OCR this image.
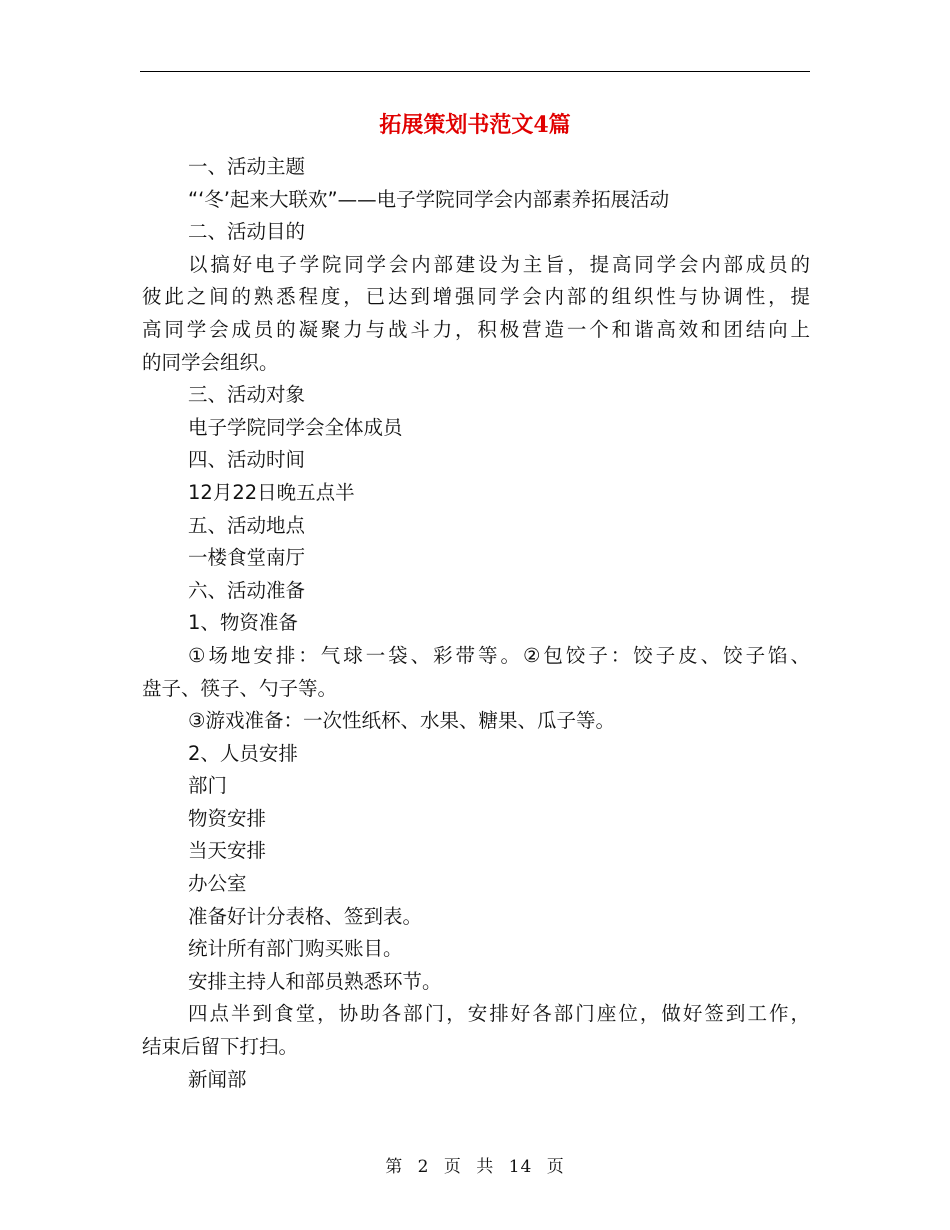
拓展策划书范文4篇
一、活动主题
“‘冬’起来大联欢”——电子学院同学会内部素养拓展活动
二、活动目的
以搞好电子学院同学会内部建设为主旨，提高同学会内部成员的
彼此之间的熟悉程度，已达到增强同学会内部的组织性与协调性，提
高同学会成员的凝聚力与战斗力，积极营造一个和谐高效和团结向上
的同学会组织。
三、活动对象
电子学院同学会全体成员
四、活动时间
12月22日晚五点半
五、活动地点
一楼食堂南厅
六、活动准备
1、物资准备
①场地安排：气球一袋、彩带等。②包饺子：饺子皮、饺子馅、
盘子、筷子、勺子等。
③游戏准备：一次性纸杯、水果、糖果、瓜子等。
2、人员安排
部门
物资安排
当天安排
办公室
准备好计分表格、签到表。
统计所有部门购买账目。
安排主持人和部员熟悉环节。
四点半到食堂，协助各部门，安排好各部门座位，做好签到工作，
结束后留下打扫。
新闻部
第 2 页 共 14 页
